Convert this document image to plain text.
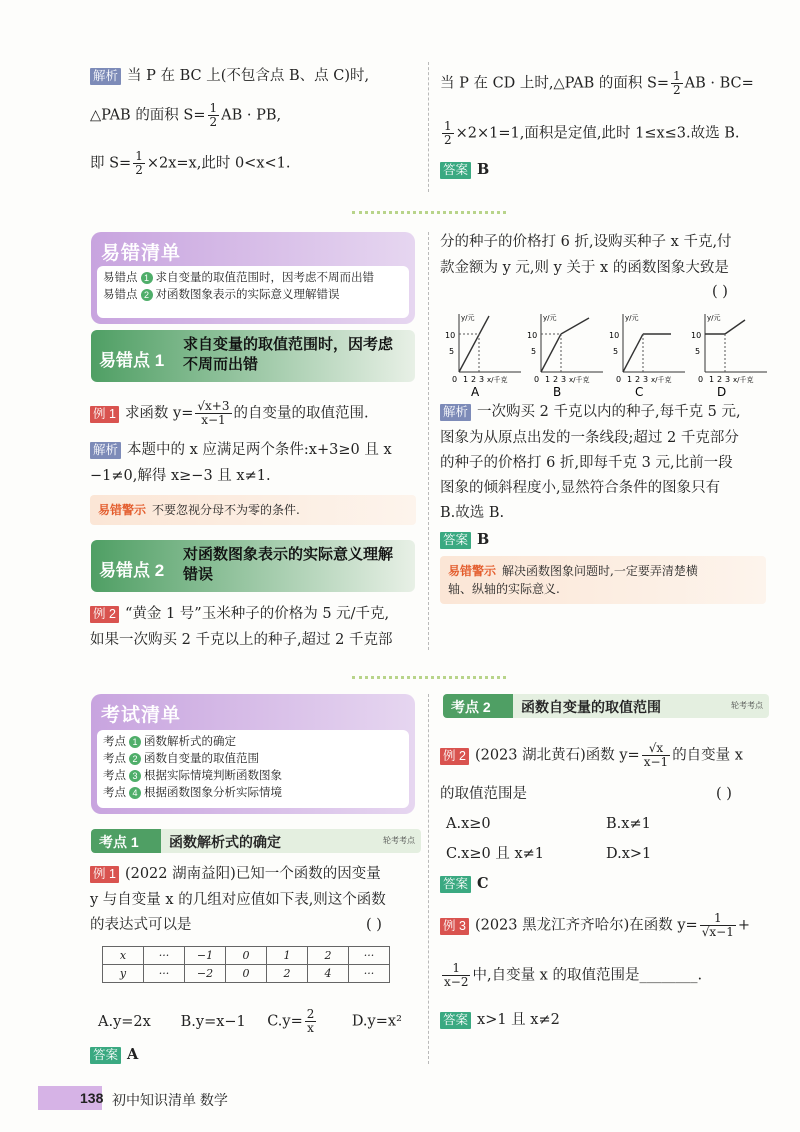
解析 当 P 在 BC 上(不包含点 B、点 C)时,
△PAB 的面积 $S= \frac{1}{2}$ AB · PB,
即 $S= \frac{1}{2} \times 2x=x$,此时 0<x<1.
当 P 在 CD 上时,△PAB 的面积 $S= \frac{1}{2}$ AB · BC=
$\frac{1}{2} \times 2\times 1=1$,面积是定值,此时 1≤x≤3.故选 B.
答案 B
易错清单
易错点 1 求自变量的取值范围时，因考虑不周而出错
易错点 2 对函数图象表示的实际意义理解错误
易错点 1
求自变量的取值范围时，因考虑不周而出错
例 1 求函数 $y= \frac{√x+3}{x-1}$ 的自变量的取值范围.
解析 本题中的 x 应满足两个条件:x+3≥0 且 x
−1≠0,解得 x≥−3 且 x≠1.
易错警示 不要忽视分母不为零的条件.
易错点 2
对函数图象表示的实际意义理解错误
例 2 “黄金 1 号”玉米种子的价格为 5 元/千克,
如果一次购买 2 千克以上的种子,超过 2 千克部
分的种子的价格打 6 折,设购买种子 x 千克,付
款金额为 y 元,则 y 关于 x 的函数图象大致是
( )
10
5
0 1 2 3
y/元
x/千克
A
10
5
0 1 2 3
y/元
x/千克
B
10
5
0 1 2 3
y/元
x/千克
C
10
5
0 1 2 3
y/元
x/千克
D
解析 一次购买 2 千克以内的种子,每千克 5 元,
图象为从原点出发的一条线段;超过 2 千克部分
的种子的价格打 6 折,即每千克 3 元,比前一段
图象的倾斜程度小,显然符合条件的图象只有
B.故选 B.
答案 B
易错警示 解决函数图象问题时,一定要弄清楚横
轴、纵轴的实际意义.
考试清单
考点 1 函数解析式的确定
考点 2 函数自变量的取值范围
考点 3 根据实际情境判断函数图象
考点 4 根据函数图象分析实际情境
考点 1 函数解析式的确定	轮考考点
例 1 (2022 湖南益阳)已知一个函数的因变量
y 与自变量 x 的几组对应值如下表,则这个函数
的表达式可以是	( )
x	···	−1	0	1	2	···
y	···	−2	0	2	4	···
A.y=2x B.y=x−1 $C.y= \frac{2}{x} D.y=x^2$
答案 A
考点 2 函数自变量的取值范围	轮考考点
例 2 (2023 湖北黄石)函数 $y= \frac{√x}{x-1}$ 的自变量 x
的取值范围是	( )
A.x≥0	B.x≠1
C.x≥0 且 x≠1	D.x>1
答案 C
例 3 (2023 黑龙江齐齐哈尔)在函数 $y= \frac{1}{√x-1}$ +
$\frac{1}{x-2}$ 中,自变量 x 的取值范围是________.
答案 x>1 且 x≠2
138 初中知识清单 数学
